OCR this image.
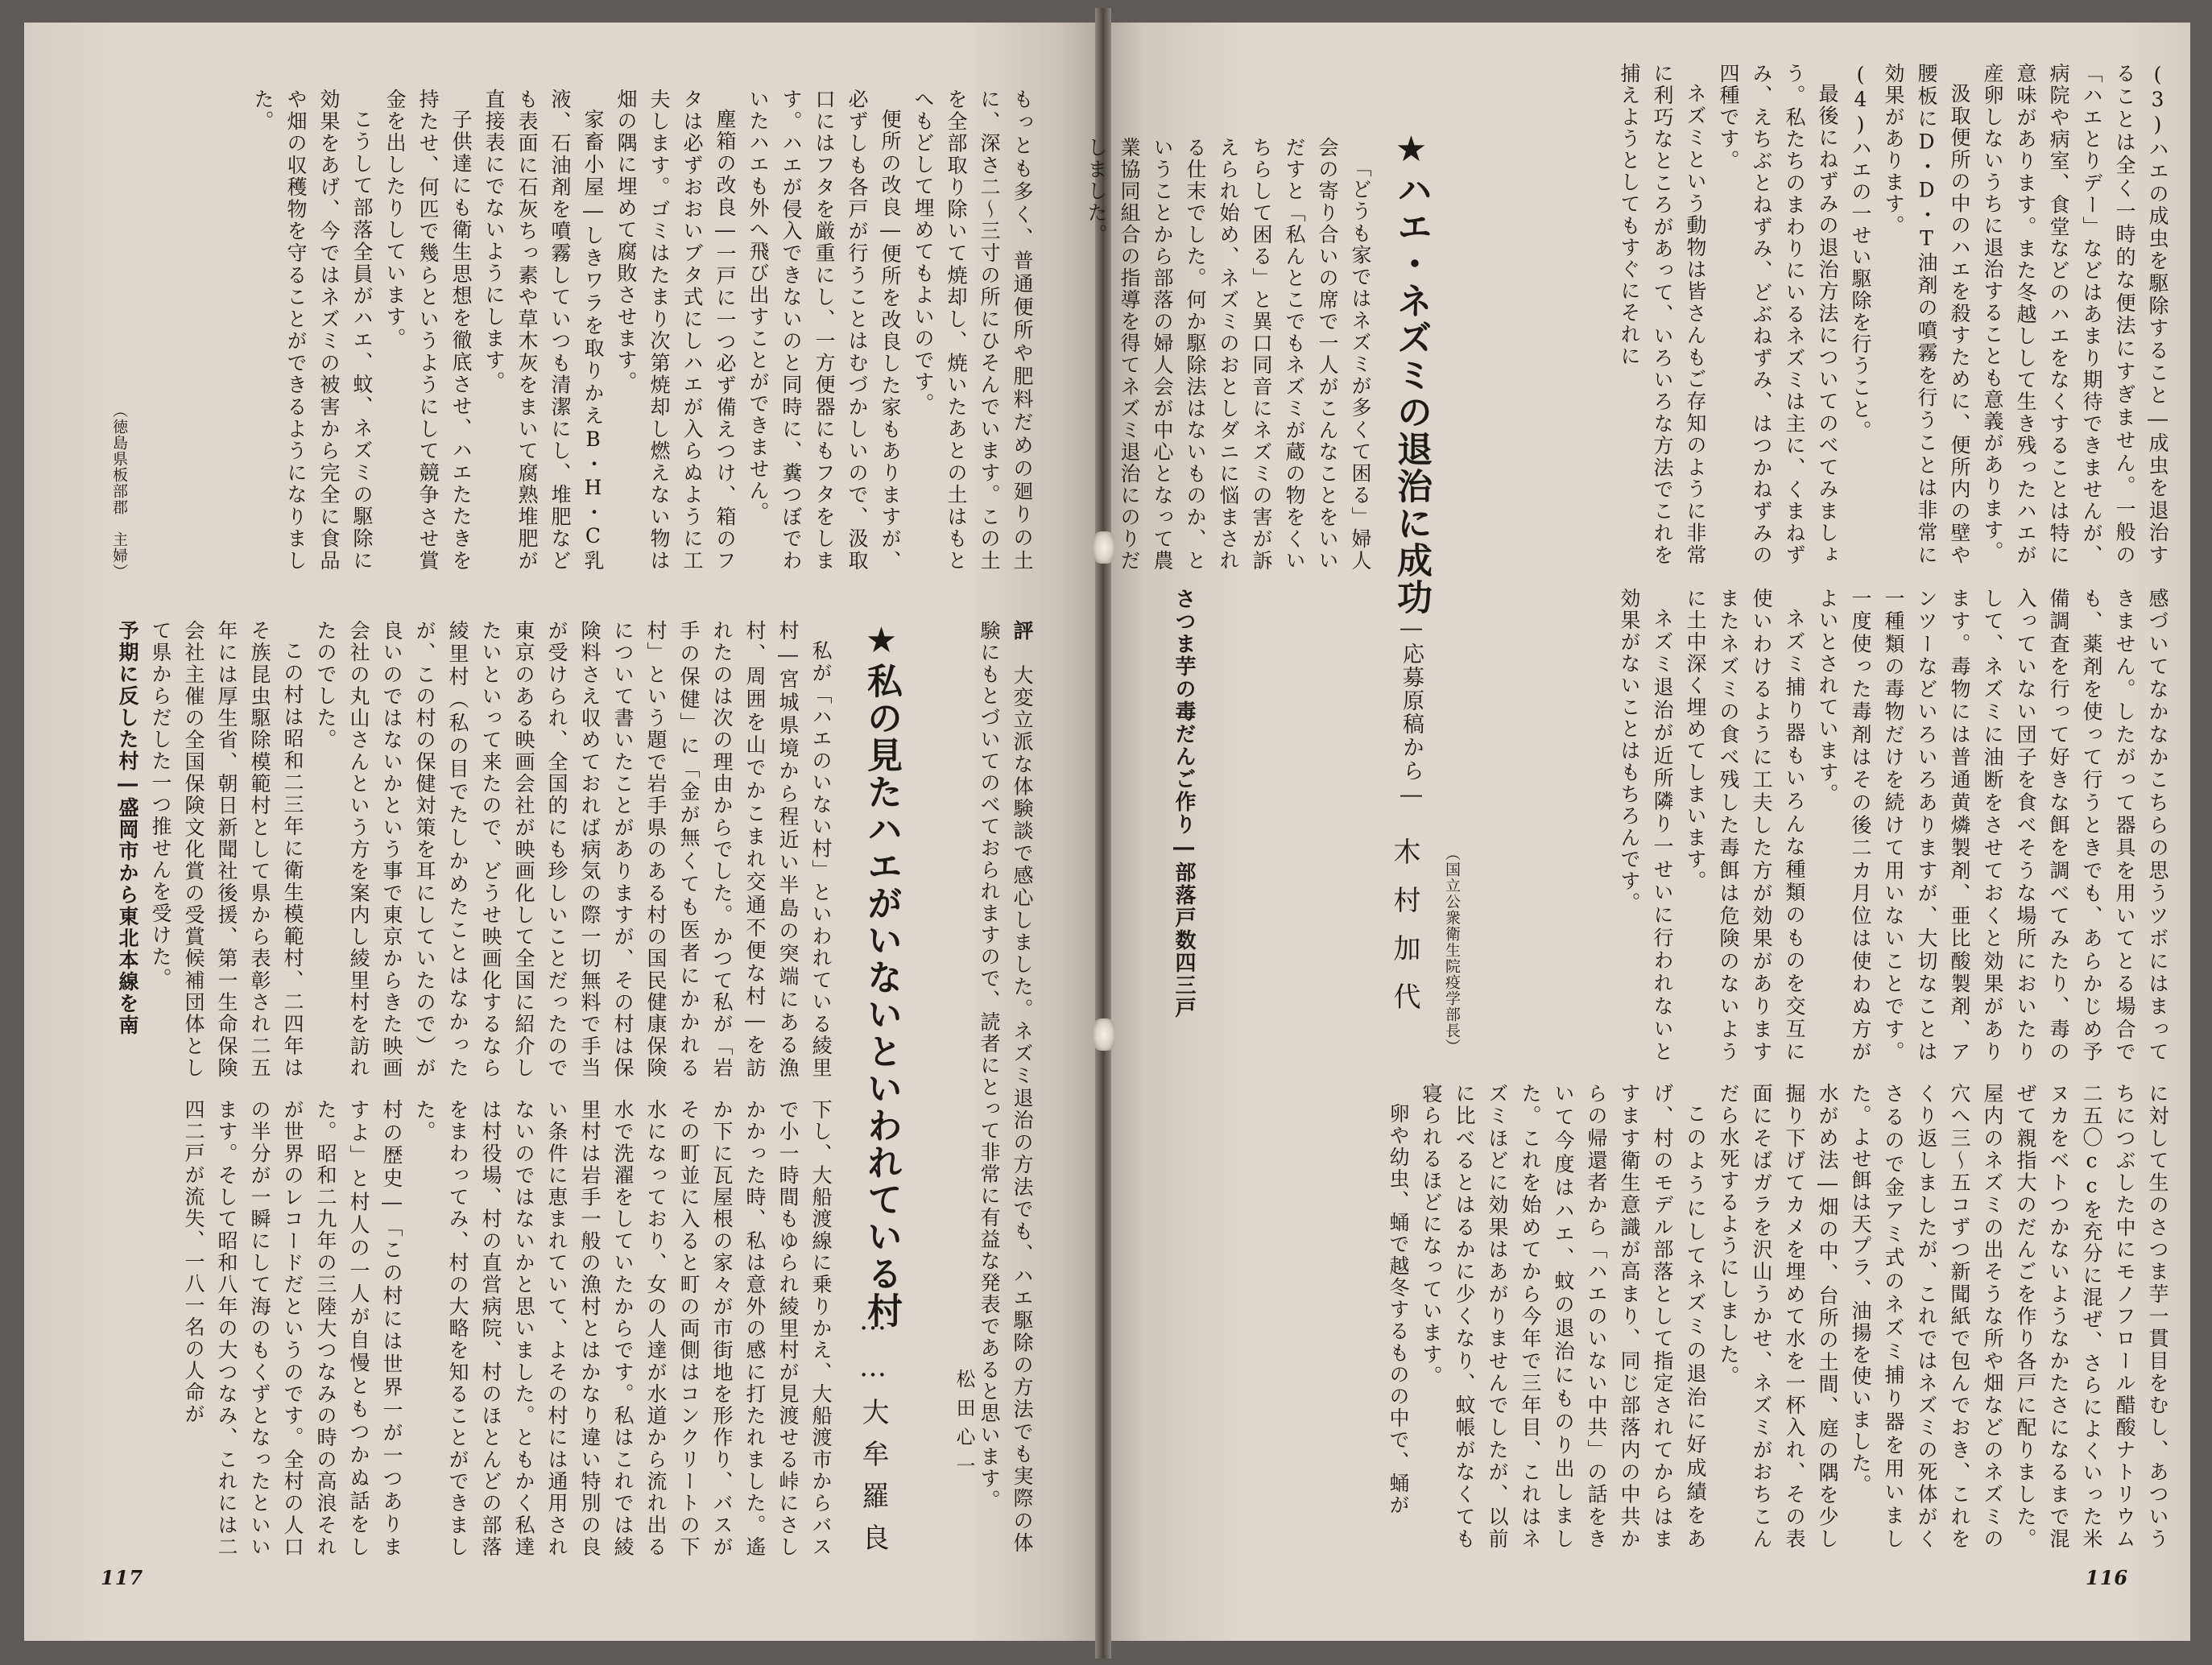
(3)ハエの成虫を駆除すること―成虫を退治することは全く一時的な便法にすぎません。一般の「ハエとりデー」などはあまり期待できませんが、病院や病室、食堂などのハエをなくすることは特に意味があります。また冬越しして生き残ったハエが産卵しないうちに退治することも意義があります。

汲取便所の中のハエを殺すために、便所内の壁や腰板にD・D・T油剤の噴霧を行うことは非常に効果があります。

(4)ハエの一せい駆除を行うこと。

最後にねずみの退治方法についてのべてみましょう。私たちのまわりにいるネズミは主に、くまねずみ、えちぶとねずみ、どぶねずみ、はつかねずみの四種です。

ネズミという動物は皆さんもご存知のように非常に利巧なところがあって、いろいろな方法でこれを捕えようとしてもすぐにそれに

★ハエ・ネズミの退治に成功―応募原稿から―
木村加代 （国立公衆衛生院疫学部長）

「どうも家ではネズミが多くて困る」婦人会の寄り合いの席で一人がこんなことをいいだすと「私んとこでもネズミが蔵の物をくいちらして困る」と異口同音にネズミの害が訴えられ始め、ネズミのおとしダニに悩まされる仕末でした。何か駆除法はないものか、ということから部落の婦人会が中心となって農業協同組合の指導を得てネズミ退治にのりだしました。

感づいてなかなかこちらの思うツボにはまってきません。したがって器具を用いてとる場合でも、薬剤を使って行うときでも、あらかじめ予備調査を行って好きな餌を調べてみたり、毒の入っていない団子を食べそうな場所においたりして、ネズミに油断をさせておくと効果があります。毒物には普通黄燐製剤、亜比酸製剤、アンツーなどいろいろありますが、大切なことは一種類の毒物だけを続けて用いないことです。一度使った毒剤はその後二カ月位は使わぬ方がよいとされています。

ネズミ捕り器もいろんな種類のものを交互に使いわけるように工夫した方が効果がありますまたネズミの食べ残した毒餌は危険のないように土中深く埋めてしまいます。

ネズミ退治が近所隣り一せいに行われないと効果がないことはもちろんです。

さつま芋の毒だんご作り―部落戸数四三戸

に対して生のさつま芋一貫目をむし、あついうちにつぶした中にモノフロール醋酸ナトリウム二五〇ccを充分に混ぜ、さらによくいった米ヌカをベトつかないようなかたさになるまで混ぜて親指大のだんごを作り各戸に配りました。屋内のネズミの出そうな所や畑などのネズミの穴へ三〜五コずつ新聞紙で包んでおき、これをくり返しましたが、これではネズミの死体がくさるので金アミ式のネズミ捕り器を用いました。よせ餌は天プラ、油揚を使いました。

水がめ法―畑の中、台所の土間、庭の隅を少し掘り下げてカメを埋めて水を一杯入れ、その表面にそばガラを沢山うかせ、ネズミがおちこんだら水死するようにしました。

このようにしてネズミの退治に好成績をあげ、村のモデル部落として指定されてからはますます衛生意識が高まり、同じ部落内の中共からの帰還者から「ハエのいない中共」の話をきいて今度はハエ、蚊の退治にものり出しました。これを始めてから今年で三年目、これはネズミほどに効果はあがりませんでしたが、以前に比べるとはるかに少くなり、蚊帳がなくても寝られるほどになっています。

卵や幼虫、蛹で越冬するものの中で、蛹が

116

もっとも多く、普通便所や肥料だめの廻りの土に、深さ二〜三寸の所にひそんでいます。この土を全部取り除いて焼却し、焼いたあとの土はもとへもどして埋めてもよいのです。

便所の改良―便所を改良した家もありますが、必ずしも各戸が行うことはむづかしいので、汲取口にはフタを厳重にし、一方便器にもフタをします。ハエが侵入できないのと同時に、糞つぼでわいたハエも外へ飛び出すことができません。

塵箱の改良―一戸に一つ必ず備えつけ、箱のフタは必ずおおいブタ式にしハエが入らぬように工夫します。ゴミはたまり次第焼却し燃えない物は畑の隅に埋めて腐敗させます。

家畜小屋―しきワラを取りかえB・H・C乳液、石油剤を噴霧していつも清潔にし、堆肥なども表面に石灰ちっ素や草木灰をまいて腐熟堆肥が直接表にでないようにします。

子供達にも衛生思想を徹底させ、ハエたたきを持たせ、何匹で幾らというようにして競争させ賞金を出したりしています。

こうして部落全員がハエ、蚊、ネズミの駆除に効果をあげ、今ではネズミの被害から完全に食品や畑の収穫物を守ることができるようになりました。

（徳島県板部郡　主婦）

評　大変立派な体験談で感心しました。ネズミ退治の方法でも、ハエ駆除の方法でも実際の体験にもとづいてのべておられますので、読者にとって非常に有益な発表であると思います。

松田心一
★私の見たハエがいないといわれている村
……大牟羅良

私が「ハエのいない村」といわれている綾里村―宮城県境から程近い半島の突端にある漁村、周囲を山でかこまれ交通不便な村―を訪れたのは次の理由からでした。かつて私が「岩手の保健」に「金が無くても医者にかかれる村」という題で岩手県のある村の国民健康保険について書いたことがありますが、その村は保険料さえ収めておれば病気の際一切無料で手当が受けられ、全国的にも珍しいことだったので東京のある映画会社が映画化して全国に紹介したいといって来たので、どうせ映画化するなら綾里村（私の目でたしかめたことはなかったが、この村の保健対策を耳にしていたので）が良いのではないかという事で東京からきた映画会社の丸山さんという方を案内し綾里村を訪れたのでした。

この村は昭和二三年に衛生模範村、二四年はそ族昆虫駆除模範村として県から表彰され二五年には厚生省、朝日新聞社後援、第一生命保険会社主催の全国保険文化賞の受賞候補団体として県からだした一つ推せんを受けた。

予期に反した村―盛岡市から東北本線を南

下し、大船渡線に乗りかえ、大船渡市からバスで小一時間もゆられ綾里村が見渡せる峠にさしかかった時、私は意外の感に打たれました。遙か下に瓦屋根の家々が市街地を形作り、バスがその町並に入ると町の両側はコンクリートの下水になっており、女の人達が水道から流れ出る水で洗濯をしていたからです。私はこれでは綾里村は岩手一般の漁村とはかなり違い特別の良い条件に恵まれていて、よその村には通用されないのではないかと思いました。ともかく私達は村役場、村の直営病院、村のほとんどの部落をまわってみ、村の大略を知ることができました。

村の歴史―「この村には世界一が一つありますよ」と村人の一人が自慢ともつかぬ話をした。昭和二九年の三陸大つなみの時の高浪それが世界のレコードだというのです。全村の人口の半分が一瞬にして海のもくずとなったといいます。そして昭和八年の大つなみ、これには二四二戸が流失、一八一名の人命が

117
